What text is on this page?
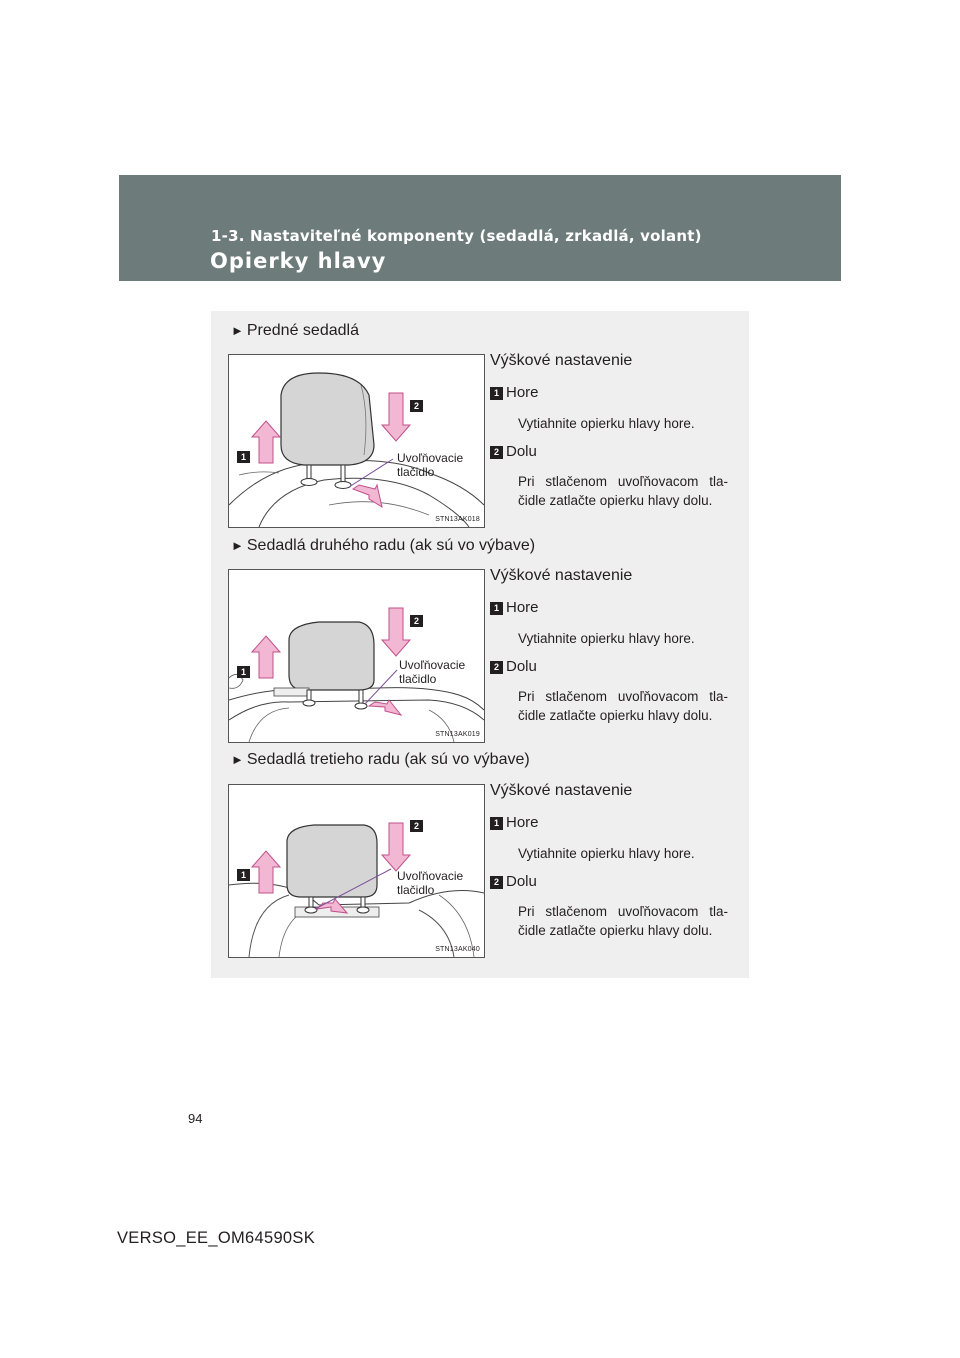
1-3. Nastaviteľné komponenty (sedadlá, zrkadlá, volant)
Opierky hlavy
► Predné sedadlá
1
2
Uvoľňovacie
tlačidlo
STN13AK018
Výškové nastavenie
1 Hore
Vytiahnite opierku hlavy hore.
2 Dolu
Pri stlačenom uvoľňovacom tla-čidle zatlačte opierku hlavy dolu.
► Sedadlá druhého radu (ak sú vo výbave)
1
2
Uvoľňovacie
tlačidlo
STN13AK019
Výškové nastavenie
1 Hore
Vytiahnite opierku hlavy hore.
2 Dolu
Pri stlačenom uvoľňovacom tla-čidle zatlačte opierku hlavy dolu.
► Sedadlá tretieho radu (ak sú vo výbave)
1
2
Uvoľňovacie
tlačidlo
STN13AK040
Výškové nastavenie
1 Hore
Vytiahnite opierku hlavy hore.
2 Dolu
Pri stlačenom uvoľňovacom tla-čidle zatlačte opierku hlavy dolu.
94
VERSO_EE_OM64590SK
